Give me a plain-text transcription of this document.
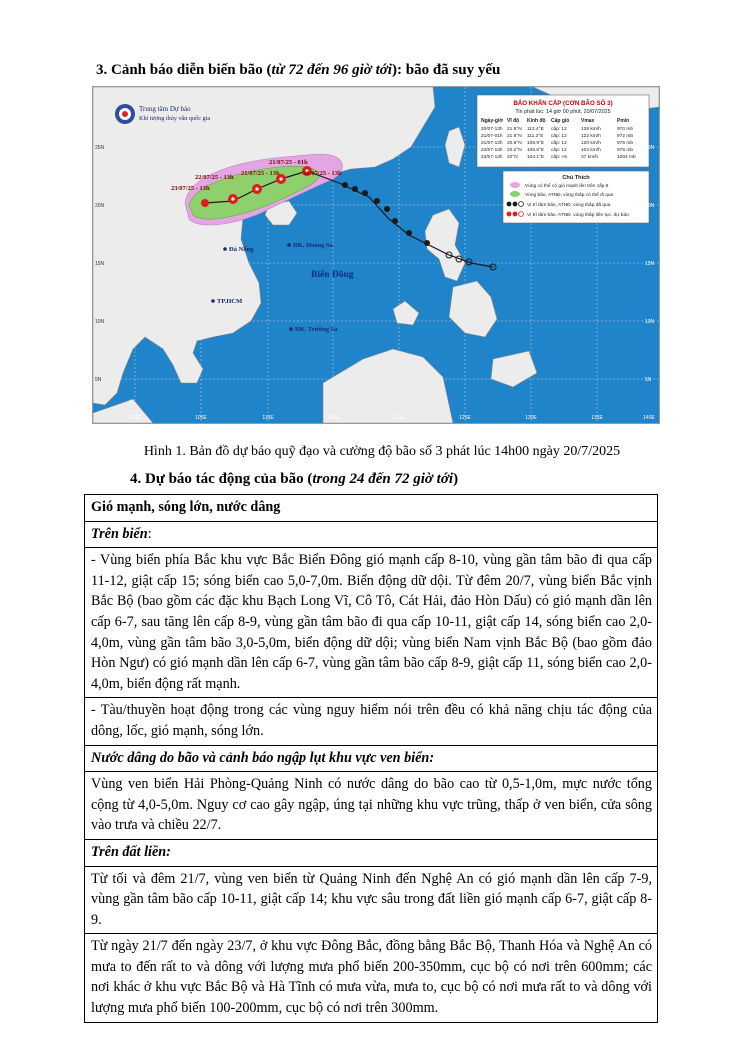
3. Cảnh báo diễn biến bão (từ 72 đến 96 giờ tới): bão đã suy yếu
Trung tâm Dự báo
Khí tượng thủy văn quốc gia
23/07/25 - 13h
22/07/25 - 13h
21/07/25 - 13h
21/07/25 - 01h
20/07/25 - 13h
Đà Nẵng
ĐK. Hoàng Sa
TP.HCM
ĐK. Trường Sa
Biển Đông
BẢO KHẨN CẤP (CƠN BÃO SỐ 3)
Tin phát lúc: 14 giờ 00 phút, 20/07/2025
Ngày-giờ Vĩ độ Kinh độ Cấp gió Vmax	Pmin
20/07-13h 21.9°N 113.4°E cấp: 12	126 km/h	970 mb
21/07-01h 21.6°N 111.2°E cấp: 12	122 km/h	972 mb
21/07-13h 20.8°N 108.9°E cấp: 12	120 km/h	975 mb
22/07-13h 20.2°N 106.6°E cấp: 12	104 km/h	975 mb
23/07-13h 20°N 104.1°E cấp: <6	37 km/h	1004 mb
Chú Thích
Vùng có thể có gió mạnh lên trên cấp 6
Vùng bão, ATNĐ, vùng thấp có thể đi qua
Vị trí tâm bão, ATNĐ, vùng thấp đã qua
Vị trí tâm bão, ATNĐ, vùng thấp liên tục, dự báo
100E	105E	110E	115E	120E	125E	130E	135E	140E
25N
20N
15N
10N
5N
25N
20N
15N
10N
5N
Hình 1. Bản đồ dự báo quỹ đạo và cường độ bão số 3 phát lúc 14h00 ngày 20/7/2025
4. Dự báo tác động của bão (trong 24 đến 72 giờ tới)
Gió mạnh, sóng lớn, nước dâng
Trên biển:
- Vùng biển phía Bắc khu vực Bắc Biển Đông gió mạnh cấp 8-10, vùng gần tâm bão đi qua cấp 11-12, giật cấp 15; sóng biển cao 5,0-7,0m. Biển động dữ dội. Từ đêm 20/7, vùng biển Bắc vịnh Bắc Bộ (bao gồm các đặc khu Bạch Long Vĩ, Cô Tô, Cát Hải, đảo Hòn Dấu) có gió mạnh dần lên cấp 6-7, sau tăng lên cấp 8-9, vùng gần tâm bão đi qua cấp 10-11, giật cấp 14, sóng biển cao 2,0-4,0m, vùng gần tâm bão 3,0-5,0m, biển động dữ dội; vùng biển Nam vịnh Bắc Bộ (bao gồm đảo Hòn Ngư) có gió mạnh dần lên cấp 6-7, vùng gần tâm bão cấp 8-9, giật cấp 11, sóng biển cao 2,0-4,0m, biển động rất mạnh.
- Tàu/thuyền hoạt động trong các vùng nguy hiểm nói trên đều có khả năng chịu tác động của dông, lốc, gió mạnh, sóng lớn.
Nước dâng do bão và cảnh báo ngập lụt khu vực ven biển:
Vùng ven biển Hải Phòng-Quảng Ninh có nước dâng do bão cao từ 0,5-1,0m, mực nước tổng cộng từ 4,0-5,0m. Nguy cơ cao gây ngập, úng tại những khu vực trũng, thấp ở ven biển, cửa sông vào trưa và chiều 22/7.
Trên đất liền:
Từ tối và đêm 21/7, vùng ven biển từ Quảng Ninh đến Nghệ An có gió mạnh dần lên cấp 7-9, vùng gần tâm bão cấp 10-11, giật cấp 14; khu vực sâu trong đất liền gió mạnh cấp 6-7, giật cấp 8-9.
Từ ngày 21/7 đến ngày 23/7, ở khu vực Đông Bắc, đồng bằng Bắc Bộ, Thanh Hóa và Nghệ An có mưa to đến rất to và dông với lượng mưa phổ biến 200-350mm, cục bộ có nơi trên 600mm; các nơi khác ở khu vực Bắc Bộ và Hà Tĩnh có mưa vừa, mưa to, cục bộ có nơi mưa rất to và dông với lượng mưa phổ biến 100-200mm, cục bộ có nơi trên 300mm.
